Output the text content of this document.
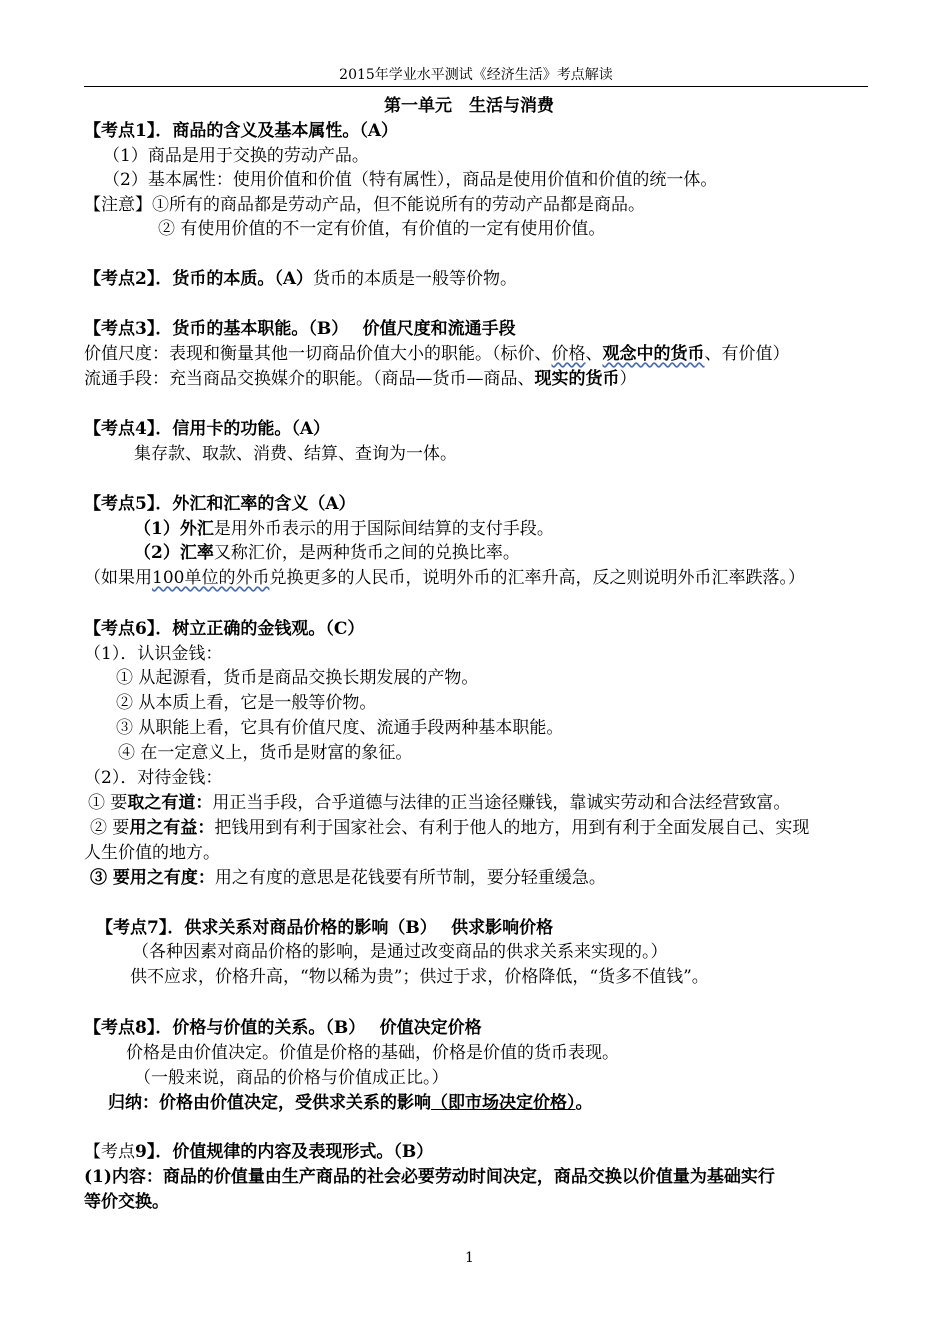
2015年学业水平测试《经济生活》考点解读
第一单元　生活与消费
【考点1】．商品的含义及基本属性。（A）
（1）商品是用于交换的劳动产品。
（2）基本属性：使用价值和价值（特有属性），商品是使用价值和价值的统一体。
【注意】①所有的商品都是劳动产品，但不能说所有的劳动产品都是商品。
② 有使用价值的不一定有价值，有价值的一定有使用价值。
【考点2】．货币的本质。（A）货币的本质是一般等价物。
【考点3】．货币的基本职能。（B）　 价值尺度和流通手段
价值尺度：表现和衡量其他一切商品价值大小的职能。（标价、价格、观念中的货币、有价值）
流通手段：充当商品交换媒介的职能。（商品—货币—商品、现实的货币）
【考点4】．信用卡的功能。（A）
集存款、取款、消费、结算、查询为一体。
【考点5】．外汇和汇率的含义（A）
（1）外汇是用外币表示的用于国际间结算的支付手段。
（2）汇率又称汇价，是两种货币之间的兑换比率。
（如果用100单位的外币兑换更多的人民币，说明外币的汇率升高，反之则说明外币汇率跌落。）
【考点6】．树立正确的金钱观。（C）
（1）．认识金钱：
① 从起源看，货币是商品交换长期发展的产物。
② 从本质上看，它是一般等价物。
③ 从职能上看，它具有价值尺度、流通手段两种基本职能。
④ 在一定意义上，货币是财富的象征。
（2）．对待金钱：
① 要取之有道：用正当手段，合乎道德与法律的正当途径赚钱，靠诚实劳动和合法经营致富。
② 要用之有益：把钱用到有利于国家社会、有利于他人的地方，用到有利于全面发展自己、实现
人生价值的地方。
③ 要用之有度：用之有度的意思是花钱要有所节制，要分轻重缓急。
【考点7】．供求关系对商品价格的影响（B）　 供求影响价格
（各种因素对商品价格的影响，是通过改变商品的供求关系来实现的。）
供不应求，价格升高，“物以稀为贵”；供过于求，价格降低，“货多不值钱”。
【考点8】．价格与价值的关系。（B）　 价值决定价格
价格是由价值决定。价值是价格的基础，价格是价值的货币表现。
（一般来说，商品的价格与价值成正比。）
归纳：价格由价值决定，受供求关系的影响（即市场决定价格）。
【考点9】．价值规律的内容及表现形式。（B）
(1)内容：商品的价值量由生产商品的社会必要劳动时间决定，商品交换以价值量为基础实行
等价交换。
1
